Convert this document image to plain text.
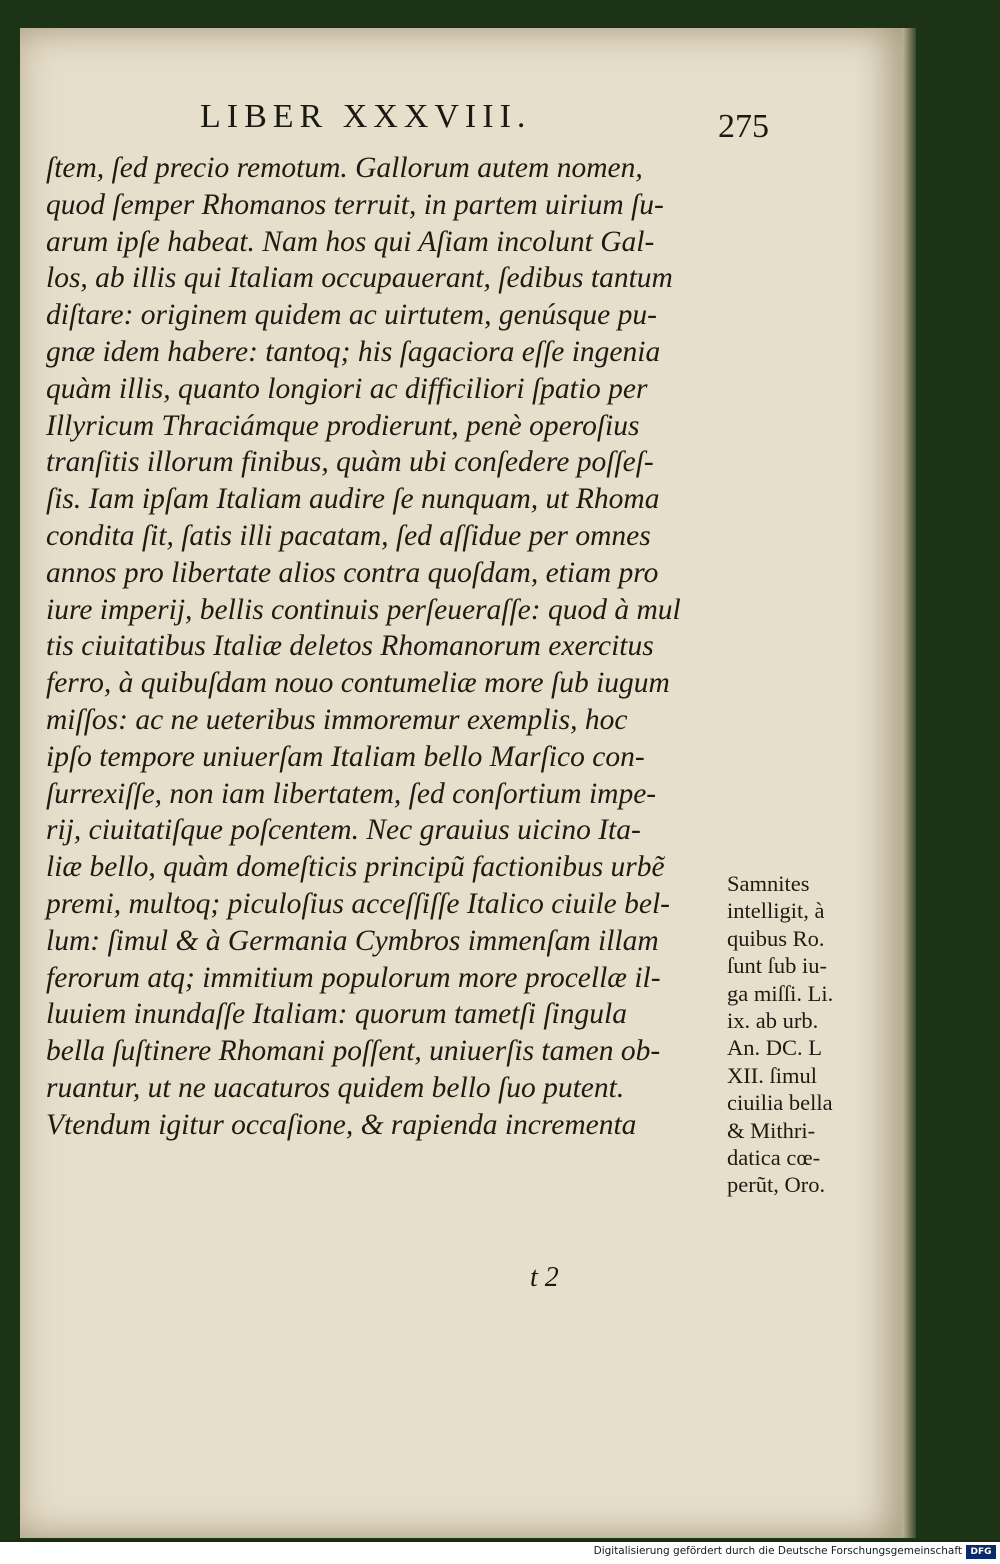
LIBER XXXVIII.	275
ſtem, ſed precio remotum. Gallorum autem nomen,
quod ſemper Rhomanos terruit, in partem uirium ſu-
arum ipſe habeat. Nam hos qui Aſiam incolunt Gal-
los, ab illis qui Italiam occupauerant, ſedibus tantum
diſtare: originem quidem ac uirtutem, genúsque pu-
gnæ idem habere: tantoq; his ſagaciora eſſe ingenia
quàm illis, quanto longiori ac difficiliori ſpatio per
Illyricum Thraciámque prodierunt, penè operoſius
tranſitis illorum finibus, quàm ubi conſedere poſſeſ-
ſis. Iam ipſam Italiam audire ſe nunquam, ut Rhoma
condita ſit, ſatis illi pacatam, ſed aſſidue per omnes
annos pro libertate alios contra quoſdam, etiam pro
iure imperij, bellis continuis perſeueraſſe: quod à mul
tis ciuitatibus Italiæ deletos Rhomanorum exercitus
ferro, à quibuſdam nouo contumeliæ more ſub iugum
miſſos: ac ne ueteribus immoremur exemplis, hoc
ipſo tempore uniuerſam Italiam bello Marſico con-
ſurrexiſſe, non iam libertatem, ſed conſortium impe-
rij, ciuitatiſque poſcentem. Nec grauius uicino Ita-
liæ bello, quàm domeſticis principũ factionibus urbẽ
premi, multoq; piculoſius acceſſiſſe Italico ciuile bel-
lum: ſimul & à Germania Cymbros immenſam illam
ferorum atq; immitium populorum more procellæ il-
luuiem inundaſſe Italiam: quorum tametſi ſingula
bella ſuſtinere Rhomani poſſent, uniuerſis tamen ob-
ruantur, ut ne uacaturos quidem bello ſuo putent.
Vtendum igitur occaſione, & rapienda incrementa
Samnites
intelligit, à
quibus Ro.
ſunt ſub iu-
ga miſſi. Li.
ix. ab urb.
An. DC. L
XII. ſimul
ciuilia bella
& Mithri-
datica cœ-
perũt, Oro.
t 2
Digitalisierung gefördert durch die Deutsche Forschungsgemeinschaft DFG
